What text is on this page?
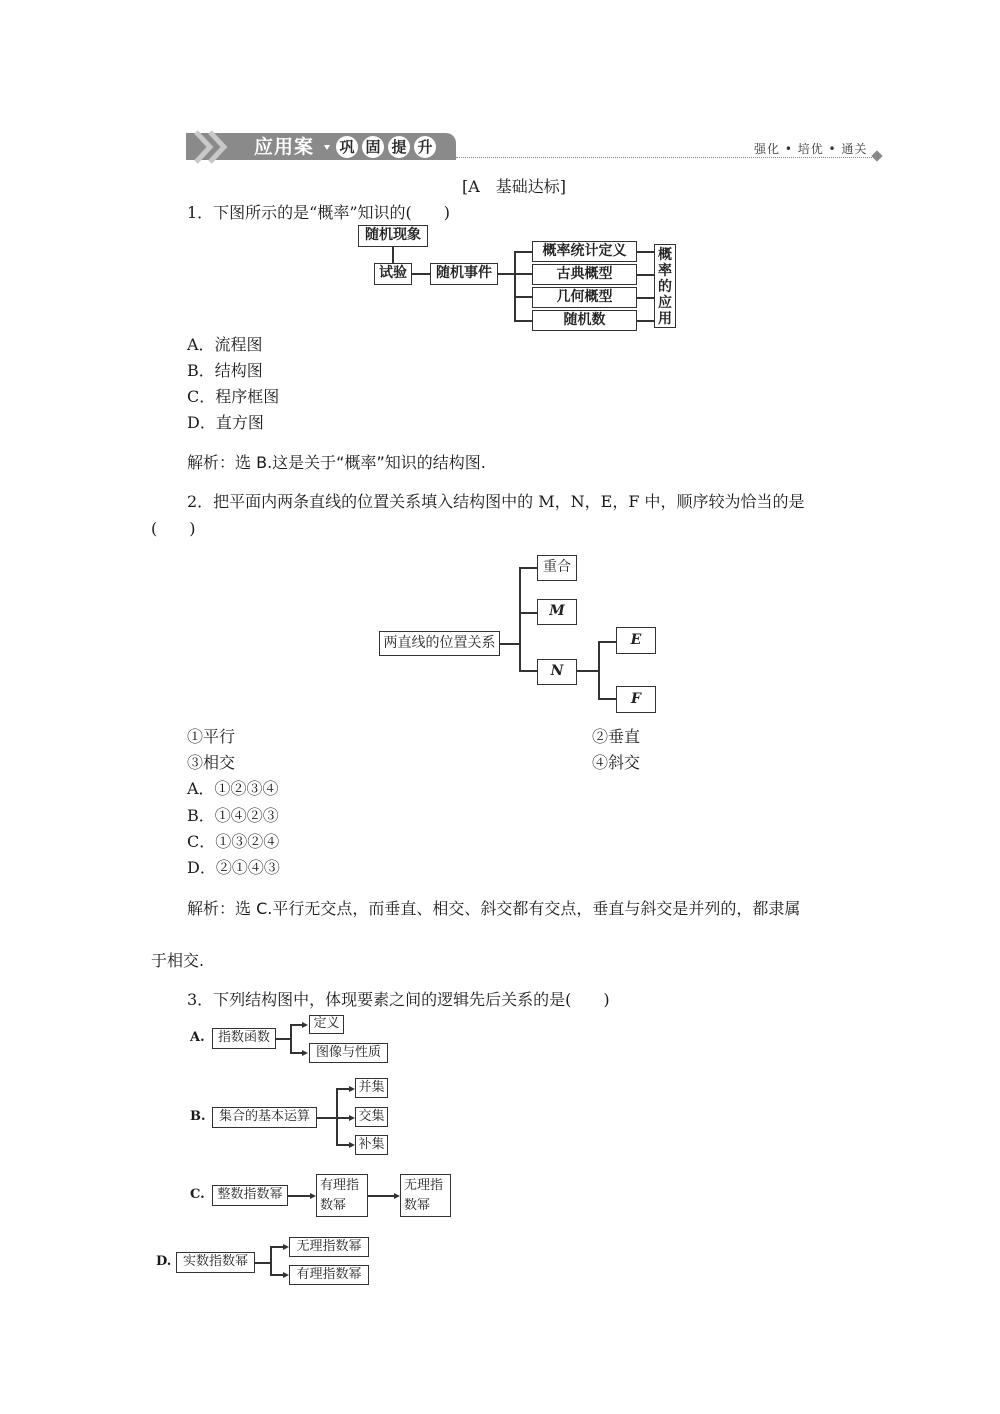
应用案 巩 固 提 升	强化 • 培优 • 通关
[A　基础达标]
1．下图所示的是“概率”知识的(　　)
随机现象
试验	随机事件
概率统计定义
古典概型
几何概型
随机数
概率的应用
A．流程图
B．结构图
C．程序框图
D．直方图
解析：选 B.这是关于“概率”知识的结构图.
2．把平面内两条直线的位置关系填入结构图中的 M，N，E，F 中，顺序较为恰当的是
(　　)
两直线的位置关系
重合
M
N
E
F
①平行	②垂直
③相交	④斜交
A．①②③④
B．①④②③
C．①③②④
D．②①④③
解析：选 C.平行无交点，而垂直、相交、斜交都有交点，垂直与斜交是并列的，都隶属
于相交.
3．下列结构图中，体现要素之间的逻辑先后关系的是(　　)
A.	指数函数
定义
图像与性质
B.	集合的基本运算
并集
交集
补集
C. 整数指数幂
有理指数幂
无理指数幂
D. 实数指数幂
无理指数幂
有理指数幂
